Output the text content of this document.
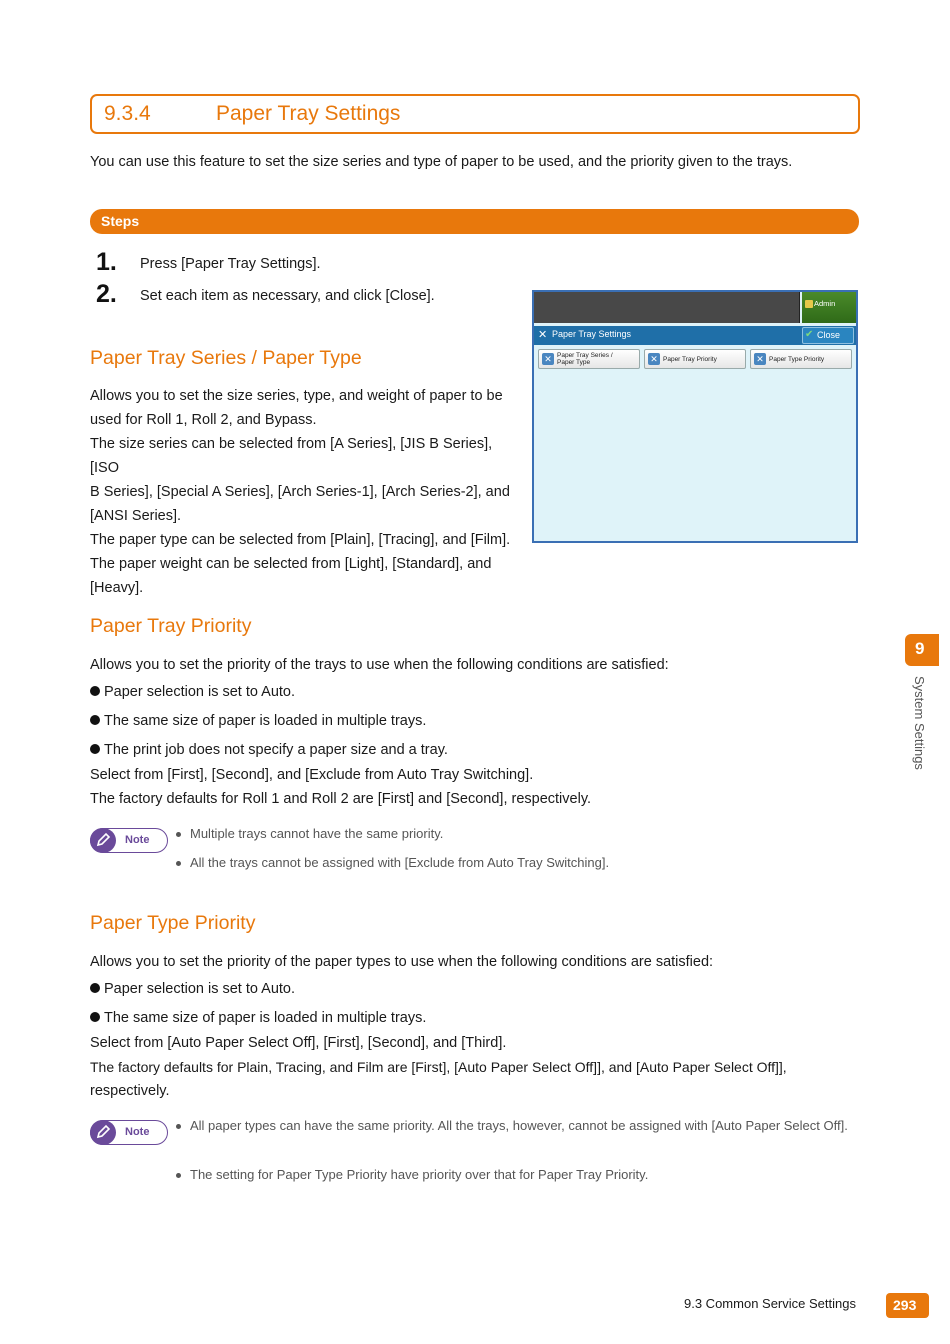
9.3.4	Paper Tray Settings
You can use this feature to set the size series and type of paper to be used, and the priority given to the trays.
Steps
1. Press [Paper Tray Settings].
2. Set each item as necessary, and click [Close].	Admin
✕ Paper Tray Settings	✔ Close
✕ Paper Tray Series /
Paper Type	✕ Paper Tray Priority	✕ Paper Type Priority
Paper Tray Series / Paper Type
Allows you to set the size series, type, and weight of paper to be
used for Roll 1, Roll 2, and Bypass.
The size series can be selected from [A Series], [JIS B Series], [ISO
B Series], [Special A Series], [Arch Series-1], [Arch Series-2], and
[ANSI Series].
The paper type can be selected from [Plain], [Tracing], and [Film].
The paper weight can be selected from [Light], [Standard], and
[Heavy].
Paper Tray Priority
Allows you to set the priority of the trays to use when the following conditions are satisfied:
Paper selection is set to Auto.
The same size of paper is loaded in multiple trays.
The print job does not specify a paper size and a tray.
Select from [First], [Second], and [Exclude from Auto Tray Switching].
The factory defaults for Roll 1 and Roll 2 are [First] and [Second], respectively.
Note	Multiple trays cannot have the same priority.
All the trays cannot be assigned with [Exclude from Auto Tray Switching].
Paper Type Priority
Allows you to set the priority of the paper types to use when the following conditions are satisfied:
Paper selection is set to Auto.
The same size of paper is loaded in multiple trays.
Select from [Auto Paper Select Off], [First], [Second], and [Third].
The factory defaults for Plain, Tracing, and Film are [First], [Auto Paper Select Off]], and [Auto Paper Select Off]],
respectively.
Note	All paper types can have the same priority. All the trays, however, cannot be assigned with [Auto Paper Select Off].
The setting for Paper Type Priority have priority over that for Paper Tray Priority.
9
System Settings
9.3 Common Service Settings	293
